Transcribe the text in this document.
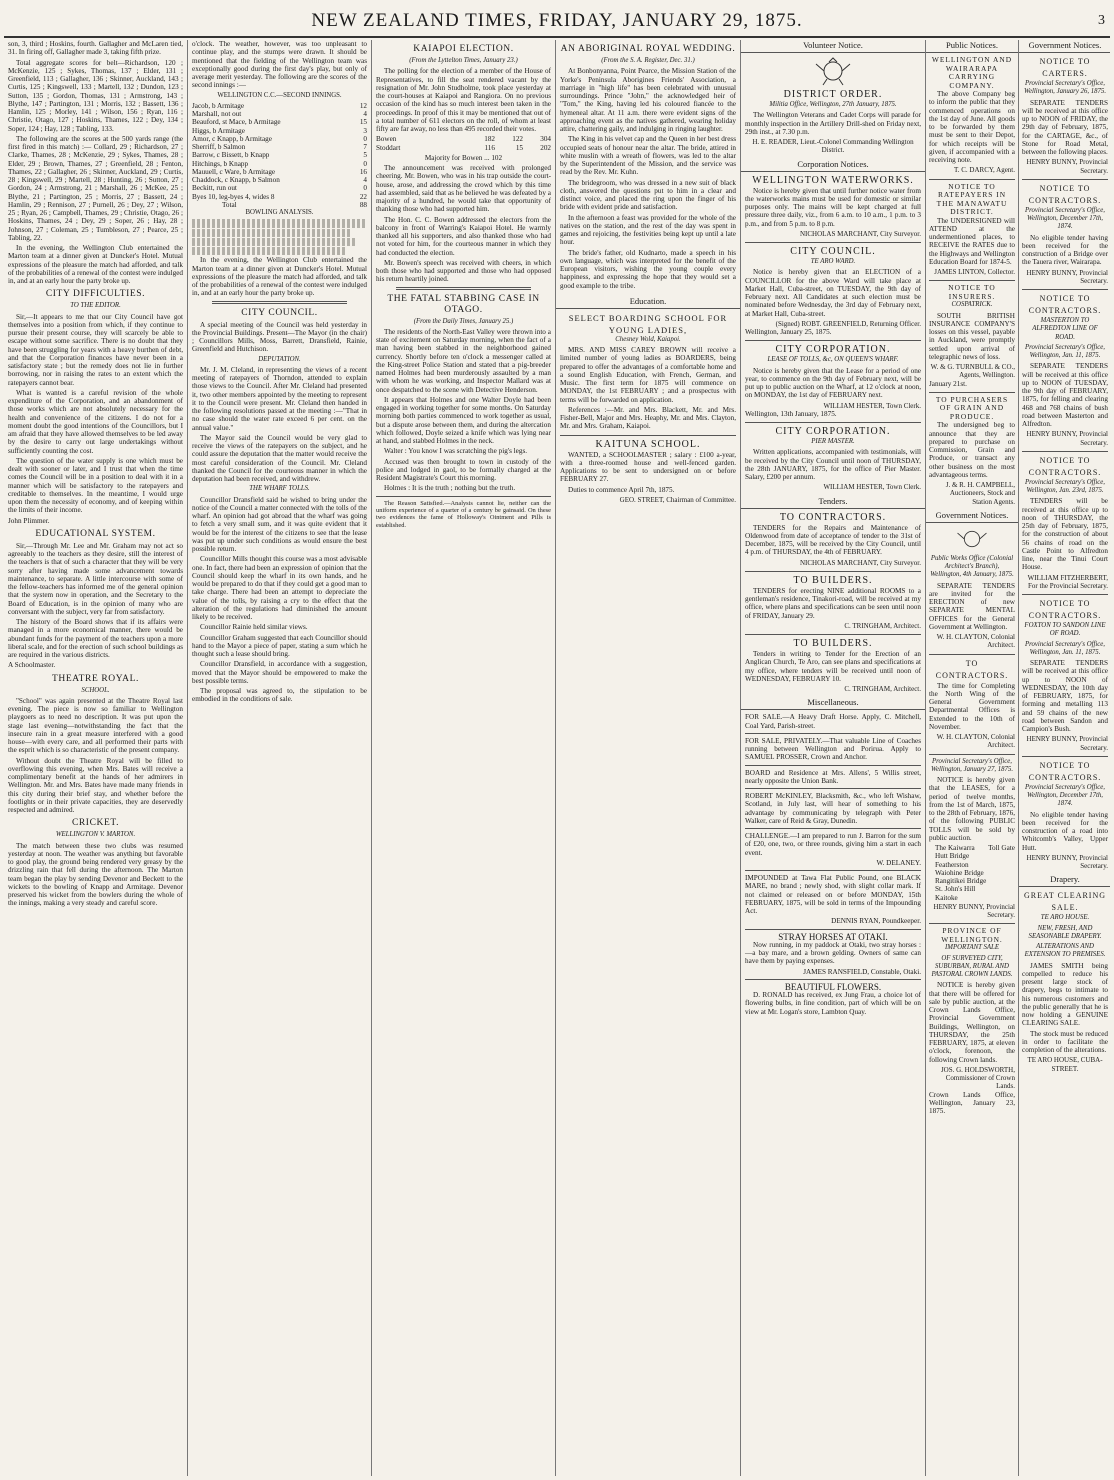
NEW ZEALAND TIMES, FRIDAY, JANUARY 29, 1875.	3

son, 3, third ; Hoskins, fourth. Gallagher and McLaren tied, 31. In firing off, Gallagher made 3, taking fifth prize.

Total aggregate scores for belt—Richardson, 120 ; McKenzie, 125 ; Sykes, Thomas, 137 ; Elder, 131 ; Greenfield, 113 ; Gallagher, 136 ; Skinner, Auckland, 143 ; Curtis, 125 ; Kingswell, 133 ; Martell, 132 ; Dundon, 123 ; Sutton, 135 ; Gordon, Thomas, 131 ; Armstrong, 143 ; Blythe, 147 ; Partington, 131 ; Morris, 132 ; Bassett, 136 ; Hamlin, 125 ; Morley, 141 ; Wilson, 156 ; Ryan, 116 ; Christie, Otago, 127 ; Hoskins, Thames, 122 ; Dey, 134 ; Soper, 124 ; Hay, 128 ; Tabling, 133.

The following are the scores at the 500 yards range (the first fired in this match) :— Collard, 29 ; Richardson, 27 ; Clarke, Thames, 28 ; McKenzie, 29 ; Sykes, Thames, 28 ; Elder, 29 ; Brown, Thames, 27 ; Greenfield, 28 ; Fenton, Thames, 22 ; Gallagher, 26 ; Skinner, Auckland, 29 ; Curtis, 28 ; Kingswell, 29 ; Martell, 28 ; Hunting, 26 ; Sutton, 27 ; Gordon, 24 ; Armstrong, 21 ; Marshall, 26 ; McKee, 25 ; Blythe, 21 ; Partington, 25 ; Morris, 27 ; Bassett, 24 ; Hamlin, 29 ; Rennison, 27 ; Purnell, 26 ; Dey, 27 ; Wilson, 25 ; Ryan, 26 ; Campbell, Thames, 29 ; Christie, Otago, 26 ; Hoskins, Thames, 24 ; Dey, 29 ; Soper, 26 ; Hay, 28 ; Johnson, 27 ; Coleman, 25 ; Tumbleson, 27 ; Pearce, 25 ; Tabling, 22.

In the evening, the Wellington Club entertained the Marton team at a dinner given at Duncker's Hotel. Mutual expressions of the pleasure the match had afforded, and talk of the probabilities of a renewal of the contest were indulged in, and at an early hour the party broke up.

CITY DIFFICULTIES.
TO THE EDITOR.

Sir,—It appears to me that our City Council have got themselves into a position from which, if they continue to pursue their present course, they will scarcely be able to escape without some sacrifice. There is no doubt that they have been struggling for years with a heavy burthen of debt, and that the Corporation finances have never been in a satisfactory state ; but the remedy does not lie in further borrowing, nor in raising the rates to an extent which the ratepayers cannot bear.

What is wanted is a careful revision of the whole expenditure of the Corporation, and an abandonment of those works which are not absolutely necessary for the health and convenience of the citizens. I do not for a moment doubt the good intentions of the Councillors, but I am afraid that they have allowed themselves to be led away by the desire to carry out large undertakings without sufficiently counting the cost.

The question of the water supply is one which must be dealt with sooner or later, and I trust that when the time comes the Council will be in a position to deal with it in a manner which will be satisfactory to the ratepayers and creditable to themselves. In the meantime, I would urge upon them the necessity of economy, and of keeping within the limits of their income.

John Plimmer.
EDUCATIONAL SYSTEM.

Sir,—Through Mr. Lee and Mr. Graham may not act so agreeably to the teachers as they desire, still the interest of the teachers is that of such a character that they will be very sorry after having made some advancement towards maintenance, to separate. A little intercourse with some of the fellow-teachers has informed me of the general opinion that the system now in operation, and the Secretary to the Board of Education, is in the opinion of many who are conversant with the subject, very far from satisfactory.

The history of the Board shows that if its affairs were managed in a more economical manner, there would be abundant funds for the payment of the teachers upon a more liberal scale, and for the erection of such school buildings as are required in the various districts.

A Schoolmaster.
THEATRE ROYAL.
SCHOOL.

"School" was again presented at the Theatre Royal last evening. The piece is now so familiar to Wellington playgoers as to need no description. It was put upon the stage last evening—notwithstanding the fact that the insecure rain in a great measure interfered with a good house—with every care, and all performed their parts with the esprit which is so characteristic of the present company.

Without doubt the Theatre Royal will be filled to overflowing this evening, when Mrs. Bates will receive a complimentary benefit at the hands of her admirers in Wellington. Mr. and Mrs. Bates have made many friends in this city during their brief stay, and whether before the footlights or in their private capacities, they are deservedly respected and admired.

CRICKET.
WELLINGTON V. MARTON.

The match between these two clubs was resumed yesterday at noon. The weather was anything but favorable to good play, the ground being rendered very greasy by the drizzling rain that fell during the afternoon. The Marton team began the play by sending Devenor and Beckett to the wickets to the bowling of Knapp and Armitage. Devenor preserved his wicket from the bowlers during the whole of the innings, making a very steady and careful score.

o'clock. The weather, however, was too unpleasant to continue play, and the stumps were drawn. It should be mentioned that the fielding of the Wellington team was exceptionally good during the first day's play, but only of average merit yesterday. The following are the scores of the second innings :—

WELLINGTON C.C.—SECOND INNINGS.
Jacob, b Armitage	12
Marshall, not out	4
Beauford, st Mace, b Armitage	15
Higgs, b Armitage	3
Amor, c Knapp, b Armitage	0
Sherriff, b Salmon	7
Barrow, c Bissett, b Knapp	5
Hitchings, b Knapp	0
Mauuell, c Ware, b Armitage	16
Chaddock, c Knapp, b Salmon	4
Beckitt, run out	0
Byes 10, leg-byes 4, wides 8	22
Total	88
BOWLING ANALYSIS.

In the evening, the Wellington Club entertained the Marton team at a dinner given at Duncker's Hotel. Mutual expressions of the pleasure the match had afforded, and talk of the probabilities of a renewal of the contest were indulged in, and at an early hour the party broke up.

CITY COUNCIL.

A special meeting of the Council was held yesterday in the Provincial Buildings. Present—The Mayor (in the chair) ; Councillors Mills, Moss, Barrett, Dransfield, Rainie, Greenfield and Hutchison.

DEPUTATION.

Mr. J. M. Cleland, in representing the views of a recent meeting of ratepayers of Thorndon, attended to explain those views to the Council. After Mr. Cleland had presented it, two other members appointed by the meeting to represent it to the Council were present. Mr. Cleland then handed in the following resolutions passed at the meeting :—"That in no case should the water rate exceed 6 per cent. on the annual value."

The Mayor said the Council would be very glad to receive the views of the ratepayers on the subject, and he could assure the deputation that the matter would receive the most careful consideration of the Council. Mr. Cleland thanked the Council for the courteous manner in which the deputation had been received, and withdrew.

THE WHARF TOLLS.

Councillor Dransfield said he wished to bring under the notice of the Council a matter connected with the tolls of the wharf. An opinion had got abroad that the wharf was going to fetch a very small sum, and it was quite evident that it would be for the interest of the citizens to see that the lease was put up under such conditions as would ensure the best possible return.

Councillor Mills thought this course was a most advisable one. In fact, there had been an expression of opinion that the Council should keep the wharf in its own hands, and he would be prepared to do that if they could get a good man to take charge. There had been an attempt to depreciate the value of the tolls, by raising a cry to the effect that the alteration of the regulations had diminished the amount likely to be received.

Councillor Rainie held similar views.

Councillor Graham suggested that each Councillor should hand to the Mayor a piece of paper, stating a sum which he thought such a lease should bring.

Councillor Dransfield, in accordance with a suggestion, moved that the Mayor should be empowered to make the best possible terms.

The proposal was agreed to, the stipulation to be embodied in the conditions of sale.

KAIAPOI ELECTION.
(From the Lyttelton Times, January 23.)

The polling for the election of a member of the House of Representatives, to fill the seat rendered vacant by the resignation of Mr. John Studholme, took place yesterday at the court-houses at Kaiapoi and Rangiora. On no previous occasion of the kind has so much interest been taken in the proceedings. In proof of this it may be mentioned that out of a total number of 611 electors on the roll, of whom at least fifty are far away, no less than 495 recorded their votes.

Bowen	182	122	304
Stoddart	116	15	202
Majority for Bowen ... 102

The announcement was received with prolonged cheering. Mr. Bowen, who was in his trap outside the court-house, arose, and addressing the crowd which by this time had assembled, said that as he believed he was defeated by a majority of a hundred, he would take that opportunity of thanking those who had supported him.

The Hon. C. C. Bowen addressed the electors from the balcony in front of Warring's Kaiapoi Hotel. He warmly thanked all his supporters, and also thanked those who had not voted for him, for the courteous manner in which they had conducted the election.

Mr. Bowen's speech was received with cheers, in which both those who had supported and those who had opposed his return heartily joined.

THE FATAL STABBING CASE IN OTAGO.
(From the Daily Times, January 25.)

The residents of the North-East Valley were thrown into a state of excitement on Saturday morning, when the fact of a man having been stabbed in the neighborhood gained currency. Shortly before ten o'clock a messenger called at the King-street Police Station and stated that a pig-breeder named Holmes had been murderously assaulted by a man with whom he was working, and Inspector Mallard was at once despatched to the scene with Detective Henderson.

It appears that Holmes and one Walter Doyle had been engaged in working together for some months. On Saturday morning both parties commenced to work together as usual, but a dispute arose between them, and during the altercation which followed, Doyle seized a knife which was lying near at hand, and stabbed Holmes in the neck.

Walter : You know I was scratching the pig's legs.

Accused was then brought to town in custody of the police and lodged in gaol, to be formally charged at the Resident Magistrate's Court this morning.

Holmes : It is the truth ; nothing but the truth.

The Reason Satisfied.—Analysis cannot lie, neither can the uniform experience of a quarter of a century be gainsaid. On these two evidences the fame of Holloway's Ointment and Pills is established.

AN ABORIGINAL ROYAL WEDDING.
(From the S. A. Register, Dec. 31.)

At Bonbonyanna, Point Pearce, the Mission Station of the Yorke's Peninsula Aborigines Friends' Association, a marriage in "high life" has been celebrated with unusual surroundings. Prince "John," the acknowledged heir of "Tom," the King, having led his coloured fiancée to the hymeneal altar. At 11 a.m. there were evident signs of the approaching event as the natives gathered, wearing holiday attire, chattering gaily, and indulging in ringing laughter.

The King in his velvet cap and the Queen in her best dress occupied seats of honour near the altar. The bride, attired in white muslin with a wreath of flowers, was led to the altar by the Superintendent of the Mission, and the service was read by the Rev. Mr. Kuhn.

The bridegroom, who was dressed in a new suit of black cloth, answered the questions put to him in a clear and distinct voice, and placed the ring upon the finger of his bride with evident pride and satisfaction.

In the afternoon a feast was provided for the whole of the natives on the station, and the rest of the day was spent in games and rejoicing, the festivities being kept up until a late hour.

The bride's father, old Kudnarto, made a speech in his own language, which was interpreted for the benefit of the European visitors, wishing the young couple every happiness, and expressing the hope that they would set a good example to the tribe.

Education.
SELECT BOARDING SCHOOL FOR YOUNG LADIES,
Chesney Wold, Kaiapoi.

MRS. AND MISS CAREY BROWN will receive a limited number of young ladies as BOARDERS, being prepared to offer the advantages of a comfortable home and a sound English Education, with French, German, and Music. The first term for 1875 will commence on MONDAY, the 1st FEBRUARY ; and a prospectus with terms will be forwarded on application.

References :—Mr. and Mrs. Blackett, Mr. and Mrs. Fisher-Bell, Major and Mrs. Heaphy, Mr. and Mrs. Clayton, Mr. and Mrs. Graham, Kaiapoi.

KAITUNA SCHOOL.

WANTED, a SCHOOLMASTER ; salary : £100 a-year, with a three-roomed house and well-fenced garden. Applications to be sent to undersigned on or before FEBRUARY 27.

Duties to commence April 7th, 1875.

GEO. STREET, Chairman of Committee.
Volunteer Notice.
DISTRICT ORDER.
Militia Office, Wellington, 27th January, 1875.

The Wellington Veterans and Cadet Corps will parade for monthly inspection in the Artillery Drill-shed on Friday next, 29th inst., at 7.30 p.m.

H. E. READER, Lieut.-Colonel Commanding Wellington District.
Corporation Notices.
WELLINGTON WATERWORKS.

Notice is hereby given that until further notice water from the waterworks mains must be used for domestic or similar purposes only. The mains will be kept charged at full pressure three daily, viz., from 6 a.m. to 10 a.m., 1 p.m. to 3 p.m., and from 5 p.m. to 8 p.m.

NICHOLAS MARCHANT, City Surveyor.
CITY COUNCIL.
TE ARO WARD.

Notice is hereby given that an ELECTION of a COUNCILLOR for the above Ward will take place at Market Hall, Cuba-street, on TUESDAY, the 9th day of February next. All Candidates at such election must be nominated before Wednesday, the 3rd day of February next, at Market Hall, Cuba-street.

(Signed) ROBT. GREENFIELD, Returning Officer.

Wellington, January 25, 1875.

CITY CORPORATION.
LEASE OF TOLLS, &c, ON QUEEN'S WHARF.

Notice is hereby given that the Lease for a period of one year, to commence on the 9th day of February next, will be put up to public auction on the Wharf, at 12 o'clock at noon, on MONDAY, the 1st day of FEBRUARY next.

WILLIAM HESTER, Town Clerk.

Wellington, 13th January, 1875.

CITY CORPORATION.
PIER MASTER.

Written applications, accompanied with testimonials, will be received by the City Council until noon of THURSDAY, the 28th JANUARY, 1875, for the office of Pier Master. Salary, £200 per annum.

WILLIAM HESTER, Town Clerk.
Tenders.
TO CONTRACTORS.

TENDERS for the Repairs and Maintenance of Oldenwood from date of acceptance of tender to the 31st of December, 1875, will be received by the City Council, until 4 p.m. of THURSDAY, the 4th of FEBRUARY.

NICHOLAS MARCHANT, City Surveyor.
TO BUILDERS.

TENDERS for erecting NINE additional ROOMS to a gentleman's residence, Tinakori-road, will be received at my office, where plans and specifications can be seen until noon of FRIDAY, January 29.

C. TRINGHAM, Architect.
TO BUILDERS.

Tenders in writing to Tender for the Erection of an Anglican Church, Te Aro, can see plans and specifications at my office, where tenders will be received until noon of WEDNESDAY, FEBRUARY 10.

C. TRINGHAM, Architect.
Miscellaneous.

FOR SALE.—A Heavy Draft Horse. Apply, C. Mitchell, Coal Yard, Parish-street.

FOR SALE, PRIVATELY.—That valuable Line of Coaches running between Wellington and Porirua. Apply to SAMUEL PROSSER, Crown and Anchor.

BOARD and Residence at Mrs. Allens', 5 Willis street, nearly opposite the Union Bank.

ROBERT McKINLEY, Blacksmith, &c., who left Wishaw, Scotland, in July last, will hear of something to his advantage by communicating by telegraph with Peter Walker, care of Reid & Gray, Dunedin.

CHALLENGE.—I am prepared to run J. Barron for the sum of £20, one, two, or three rounds, giving him a start in each event.

W. DELANEY.

IMPOUNDED at Tawa Flat Public Pound, one BLACK MARE, no brand ; newly shod, with slight collar mark. If not claimed or released on or before MONDAY, 15th FEBRUARY, 1875, will be sold in terms of the Impounding Act.

DENNIS RYAN, Poundkeeper.
STRAY HORSES AT OTAKI.

Now running, in my paddock at Otaki, two stray horses :—a bay mare, and a brown gelding. Owners of same can have them by paying expenses.

JAMES RANSFIELD, Constable, Otaki.
BEAUTIFUL FLOWERS.

D. RONALD has received, ex Jung Frau, a choice lot of flowering bulbs, in fine condition, part of which will be on view at Mr. Logan's store, Lambton Quay.

Public Notices.
WELLINGTON AND WAIRARAPA CARRYING COMPANY.

The above Company beg to inform the public that they commenced operations on the 1st day of June. All goods to be forwarded by them must be sent to their Depot, for which receipts will be given, if accompanied with a receiving note.

T. C. DARCY, Agent.
NOTICE TO RATEPAYERS IN THE MANAWATU DISTRICT.

The UNDERSIGNED will ATTEND at the undermentioned places, to RECEIVE the RATES due to the Highways and Wellington Education Board for 1874-5.

JAMES LINTON, Collector.
NOTICE TO INSURERS.
COSPATRICK.

SOUTH BRITISH INSURANCE COMPANY'S losses on this vessel, payable in Auckland, were promptly settled upon arrival of telegraphic news of loss.

W. & G. TURNBULL & CO., Agents, Wellington.

January 21st.

TO PURCHASERS OF GRAIN AND PRODUCE.

The undersigned beg to announce that they are prepared to purchase on Commission, Grain and Produce, or transact any other business on the most advantageous terms.

J. & R. H. CAMPBELL, Auctioneers, Stock and Station Agents.
Government Notices.
Public Works Office (Colonial Architect's Branch), Wellington, 4th January, 1875.

SEPARATE TENDERS are invited for the ERECTION of new SEPARATE MENTAL OFFICES for the General Government at Wellington.

W. H. CLAYTON, Colonial Architect.
TO CONTRACTORS.

The time for Completing the North Wing of the General Government Departmental Offices is Extended to the 10th of November.

W. H. CLAYTON, Colonial Architect.
Provincial Secretary's Office, Wellington, January 27, 1875.

NOTICE is hereby given that the LEASES, for a period of twelve months, from the 1st of March, 1875, to the 28th of February, 1876, of the following PUBLIC TOLLS will be sold by public auction.

The Kaiwarra Toll Gate
Hutt Bridge
Featherston
Waiohine Bridge
Rangitikei Bridge
St. John's Hill
Kaitoke
HENRY BUNNY, Provincial Secretary.
PROVINCE OF WELLINGTON.
IMPORTANT SALE
OF SURVEYED CITY, SUBURBAN, RURAL AND PASTORAL CROWN LANDS.

NOTICE is hereby given that there will be offered for sale by public auction, at the Crown Lands Office, Provincial Government Buildings, Wellington, on THURSDAY, the 25th FEBRUARY, 1875, at eleven o'clock, forenoon, the following Crown lands.

JOS. G. HOLDSWORTH, Commissioner of Crown Lands.

Crown Lands Office, Wellington, January 23, 1875.

Government Notices.
NOTICE TO CARTERS.
Provincial Secretary's Office, Wellington, January 26, 1875.

SEPARATE TENDERS will be received at this office up to NOON of FRIDAY, the 29th day of February, 1875, for the CARTAGE, &c., of Stone for Road Metal, between the following places.

HENRY BUNNY, Provincial Secretary.
NOTICE TO CONTRACTORS.
Provincial Secretary's Office, Wellington, December 17th, 1874.

No eligible tender having been received for the construction of a Bridge over the Tauera river, Wairarapa.

HENRY BUNNY, Provincial Secretary.
NOTICE TO CONTRACTORS.
MASTERTON TO ALFREDTON LINE OF ROAD.
Provincial Secretary's Office, Wellington, Jan. 11, 1875.

SEPARATE TENDERS will be received at this office up to NOON of TUESDAY, the 9th day of FEBRUARY, 1875, for felling and clearing 468 and 768 chains of bush road between Masterton and Alfredton.

HENRY BUNNY, Provincial Secretary.
NOTICE TO CONTRACTORS.
Provincial Secretary's Office, Wellington, Jan. 23rd, 1875.

TENDERS will be received at this office up to noon of THURSDAY, the 25th day of February, 1875, for the construction of about 56 chains of road on the Castle Point to Alfredton line, near the Tinui Court House.

WILLIAM FITZHERBERT, For the Provincial Secretary.
NOTICE TO CONTRACTORS.
FOXTON TO SANDON LINE OF ROAD.
Provincial Secretary's Office, Wellington, Jan. 11, 1875.

SEPARATE TENDERS will be received at this office up to NOON of WEDNESDAY, the 10th day of FEBRUARY, 1875, for forming and metalling 113 and 59 chains of the new road between Sandon and Campion's Bush.

HENRY BUNNY, Provincial Secretary.
NOTICE TO CONTRACTORS.
Provincial Secretary's Office, Wellington, December 17th, 1874.

No eligible tender having been received for the construction of a road into Whitcomb's Valley, Upper Hutt.

HENRY BUNNY, Provincial Secretary.
Drapery.
GREAT CLEARING SALE.
TE ARO HOUSE.
NEW, FRESH, AND SEASONABLE DRAPERY.
ALTERATIONS AND EXTENSION TO PREMISES.

JAMES SMITH being compelled to reduce his present large stock of drapery, begs to intimate to his numerous customers and the public generally that he is now holding a GENUINE CLEARING SALE.

The stock must be reduced in order to facilitate the completion of the alterations.

TE ARO HOUSE, CUBA-STREET.
